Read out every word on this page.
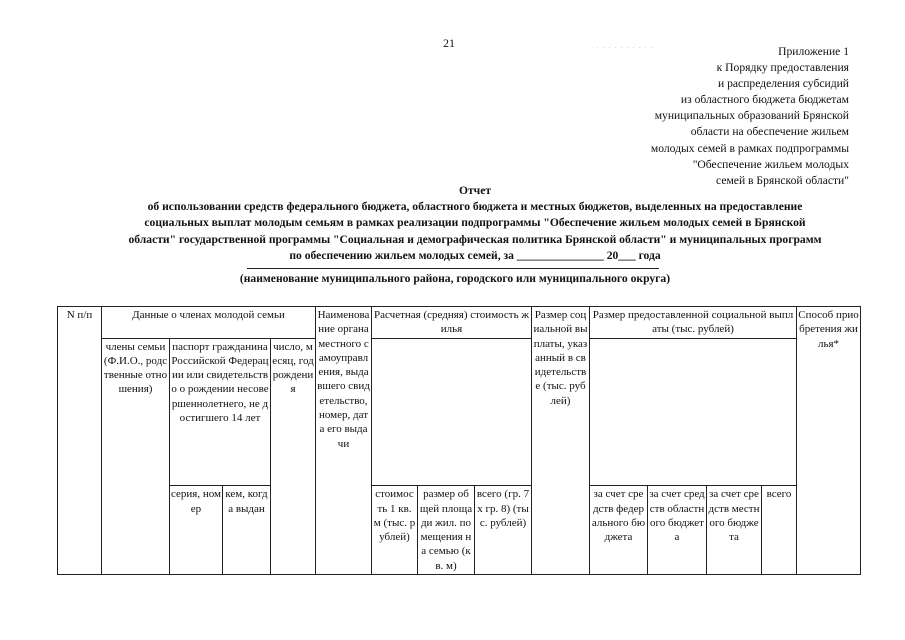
21	· · · · · · · · · ·	Приложение 1
к Порядку предоставления
и распределения субсидий
из областного бюджета бюджетам
муниципальных образований Брянской
области на обеспечение жильем
молодых семей в рамках подпрограммы
"Обеспечение жильем молодых
семей в Брянской области"
Отчет
об использовании средств федерального бюджета, областного бюджета и местных бюджетов, выделенных на предоставление
социальных выплат молодым семьям в рамках реализации подпрограммы "Обеспечение жильем молодых семей в Брянской
области" государственной программы "Социальная и демографическая политика Брянской области" и муниципальных программ
по обеспечению жильем молодых семей, за _______________ 20___ года
(наименование муниципального района, городского или муниципального округа)
N п/п	Данные о членах молодой семьи				Наименование органа местного самоуправления, выдавшего свидетельство, номер, дата его выдачи	Расчетная (средняя) стоимость жилья			Размер социальной выплаты, указанный в свидетельстве (тыс. рублей)	Размер предоставленной социальной выплаты (тыс. рублей)				Способ приобретения жилья*
	члены семьи (Ф.И.О., родственные отношения)	паспорт гражданина Российской Федерации или свидетельство о рождении несовершеннолетнего, не достигшего 14 лет		число, месяц, год рождения										
		серия, номер	кем, когда выдан			стоимость 1 кв. м (тыс. рублей)	размер общей площади жил. помещения на семью (кв. м)	всего (гр. 7 x гр. 8) (тыс. рублей)		за счет средств федерального бюджета	за счет средств областного бюджета	за счет средств местного бюджета	всего	
